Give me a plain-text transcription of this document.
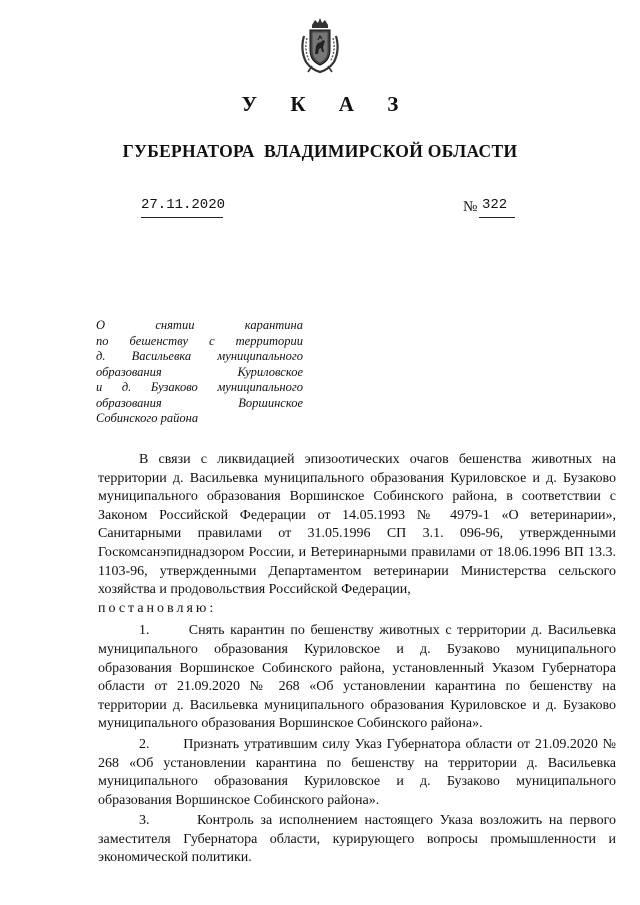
У К А З
ГУБЕРНАТОРА  ВЛАДИМИРСКОЙ ОБЛАСТИ
27.11.2020	№ 322
О	снятии	карантина
по бешенству с территории
д. Васильевка муниципального
образования	Куриловское
и д. Бузаково муниципального
образования	Воршинское
Собинского района

В связи с ликвидацией эпизоотических очагов бешенства животных на территории д. Васильевка муниципального образования Куриловское и д. Бузаково муниципального образования Воршинское Собинского района, в соответствии с Законом Российской Федерации от 14.05.1993 № 4979-1 «О ветеринарии», Санитарными правилами от 31.05.1996 СП 3.1. 096-96, утвержденными Госкомсанэпиднадзором России, и Ветеринарными правилами от 18.06.1996 ВП 13.3. 1103-96, утвержденными Департаментом ветеринарии Министерства сельского хозяйства и продовольствия Российской Федерации,

постановляю:

1.	Снять карантин по бешенству животных с территории д. Васильевка муниципального образования Куриловское и д. Бузаково муниципального образования Воршинское Собинского района, установленный Указом Губернатора области от 21.09.2020 № 268 «Об установлении карантина по бешенству на территории д. Васильевка муниципального образования Куриловское и д. Бузаково муниципального образования Воршинское Собинского района».

2. Признать утратившим силу Указ Губернатора области от 21.09.2020 № 268 «Об установлении карантина по бешенству на территории д. Васильевка муниципального образования Куриловское и д. Бузаково муниципального образования Воршинское Собинского района».

3.	Контроль за исполнением настоящего Указа возложить на первого заместителя Губернатора области, курирующего вопросы промышленности и экономической политики.
